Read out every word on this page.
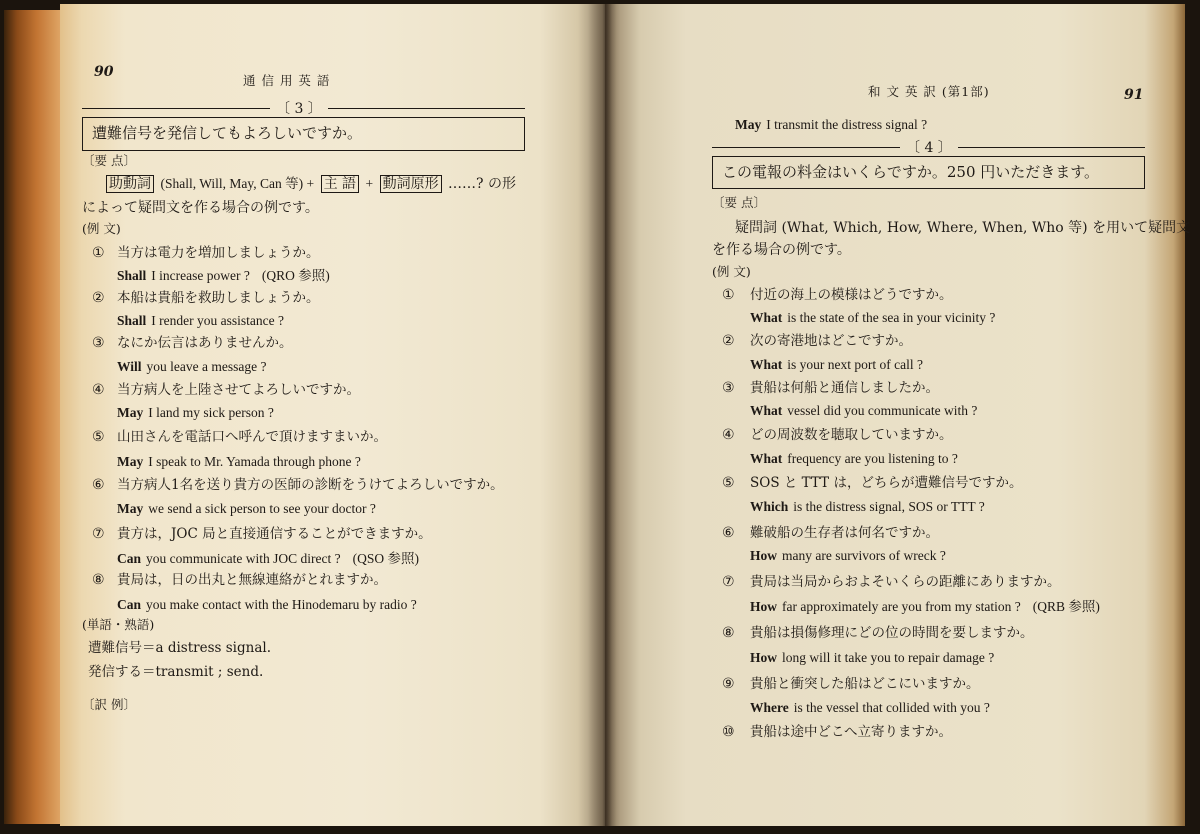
90
通 信 用 英 語
〔 3 〕
遭難信号を発信してもよろしいですか。
〔要 点〕
助動詞 (Shall, Will, May, Can 等) + 主 語 + 動詞原形 ……? の形
によって疑問文を作る場合の例です。
(例 文)
① 当方は電力を増加しましょうか。
Shall I increase power ? (QRO 参照)
② 本船は貴船を救助しましょうか。
Shall I render you assistance ?
③ なにか伝言はありませんか。
Will you leave a message ?
④ 当方病人を上陸させてよろしいですか。
May I land my sick person ?
⑤ 山田さんを電話口へ呼んで頂けますまいか。
May I speak to Mr. Yamada through phone ?
⑥ 当方病人1名を送り貴方の医師の診断をうけてよろしいですか。
May we send a sick person to see your doctor ?
⑦ 貴方は，JOC 局と直接通信することができますか。
Can you communicate with JOC direct ? (QSO 参照)
⑧ 貴局は，日の出丸と無線連絡がとれますか。
Can you make contact with the Hinodemaru by radio ?
(単語・熟語)
遭難信号＝a distress signal.
発信する＝transmit ; send.
〔訳 例〕
和 文 英 訳 (第1部)	91
May I transmit the distress signal ?
〔 4 〕
この電報の料金はいくらですか。250 円いただきます。
〔要 点〕
疑問詞 (What, Which, How, Where, When, Who 等) を用いて疑問文
を作る場合の例です。
(例 文)
① 付近の海上の模様はどうですか。
What is the state of the sea in your vicinity ?
② 次の寄港地はどこですか。
What is your next port of call ?
③ 貴船は何船と通信しましたか。
What vessel did you communicate with ?
④ どの周波数を聴取していますか。
What frequency are you listening to ?
⑤ SOS と TTT は，どちらが遭難信号ですか。
Which is the distress signal, SOS or TTT ?
⑥ 難破船の生存者は何名ですか。
How many are survivors of wreck ?
⑦ 貴局は当局からおよそいくらの距離にありますか。
How far approximately are you from my station ? (QRB 参照)
⑧ 貴船は損傷修理にどの位の時間を要しますか。
How long will it take you to repair damage ?
⑨ 貴船と衝突した船はどこにいますか。
Where is the vessel that collided with you ?
⑩ 貴船は途中どこへ立寄りますか。
